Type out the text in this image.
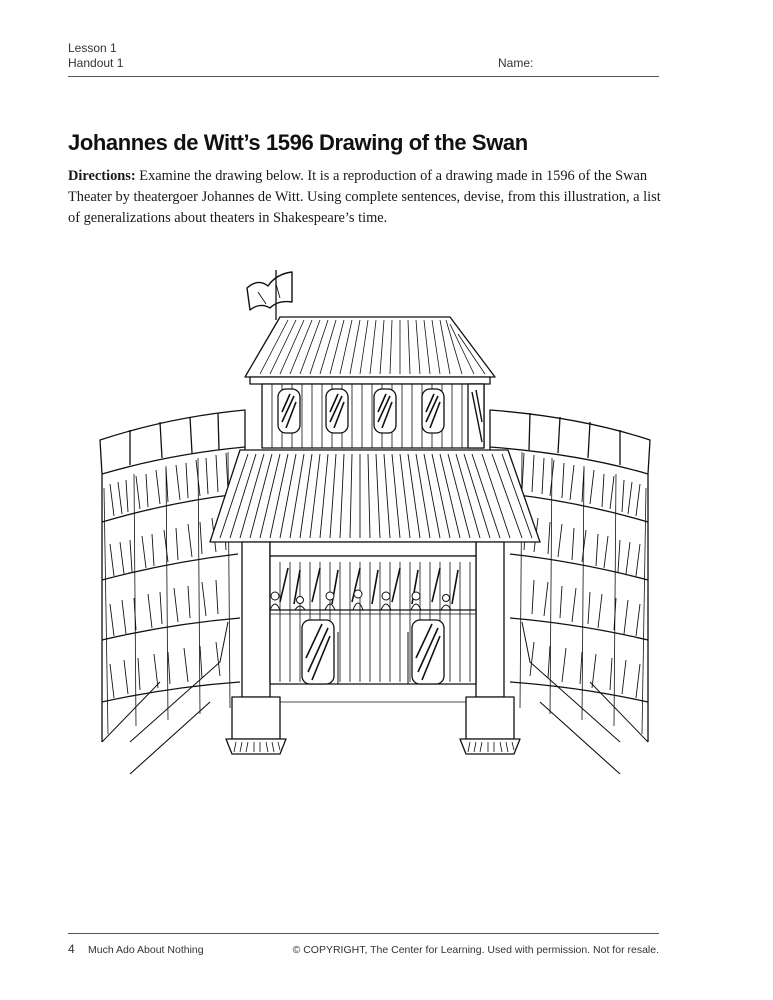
Lesson 1
Handout 1	Name:
Johannes de Witt’s 1596 Drawing of the Swan
Directions: Examine the drawing below. It is a reproduction of a drawing made in 1596 of the Swan Theater by theatergoer Johannes de Witt. Using complete sentences, devise, from this illustration, a list of generalizations about theaters in Shakespeare’s time.
4 Much Ado About Nothing	© COPYRIGHT, The Center for Learning. Used with permission. Not for resale.
